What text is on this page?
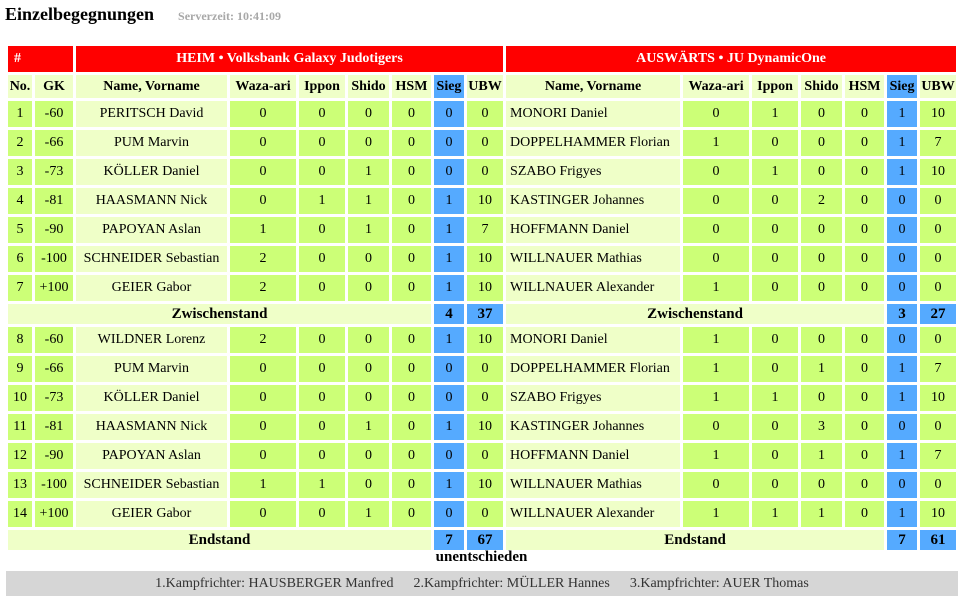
Einzelbegegnungen Serverzeit: 10:41:09
#		HEIM • Volksbank Galaxy Judotigers							AUSWÄRTS • JU DynamicOne						
No.	GK	Name, Vorname	Waza-ari	Ippon	Shido	HSM	Sieg	UBW	Name, Vorname	Waza-ari	Ippon	Shido	HSM	Sieg	UBW
1	-60	PERITSCH David	0	0	0	0	0	0	MONORI Daniel	0	1	0	0	1	10
2	-66	PUM Marvin	0	0	0	0	0	0	DOPPELHAMMER Florian	1	0	0	0	1	7
3	-73	KÖLLER Daniel	0	0	1	0	0	0	SZABO Frigyes	0	1	0	0	1	10
4	-81	HAASMANN Nick	0	1	1	0	1	10	KASTINGER Johannes	0	0	2	0	0	0
5	-90	PAPOYAN Aslan	1	0	1	0	1	7	HOFFMANN Daniel	0	0	0	0	0	0
6	-100	SCHNEIDER Sebastian	2	0	0	0	1	10	WILLNAUER Mathias	0	0	0	0	0	0
7	+100	GEIER Gabor	2	0	0	0	1	10	WILLNAUER Alexander	1	0	0	0	0	0
Zwischenstand							4	37	Zwischenstand					3	27
8	-60	WILDNER Lorenz	2	0	0	0	1	10	MONORI Daniel	1	0	0	0	0	0
9	-66	PUM Marvin	0	0	0	0	0	0	DOPPELHAMMER Florian	1	0	1	0	1	7
10	-73	KÖLLER Daniel	0	0	0	0	0	0	SZABO Frigyes	1	1	0	0	1	10
11	-81	HAASMANN Nick	0	0	1	0	1	10	KASTINGER Johannes	0	0	3	0	0	0
12	-90	PAPOYAN Aslan	0	0	0	0	0	0	HOFFMANN Daniel	1	0	1	0	1	7
13	-100	SCHNEIDER Sebastian	1	1	0	0	1	10	WILLNAUER Mathias	0	0	0	0	0	0
14	+100	GEIER Gabor	0	0	1	0	0	0	WILLNAUER Alexander	1	1	1	0	1	10
Endstand							7	67	Endstand					7	61
unentschieden
1.Kampfrichter: HAUSBERGER Manfred 2.Kampfrichter: MÜLLER Hannes 3.Kampfrichter: AUER Thomas
